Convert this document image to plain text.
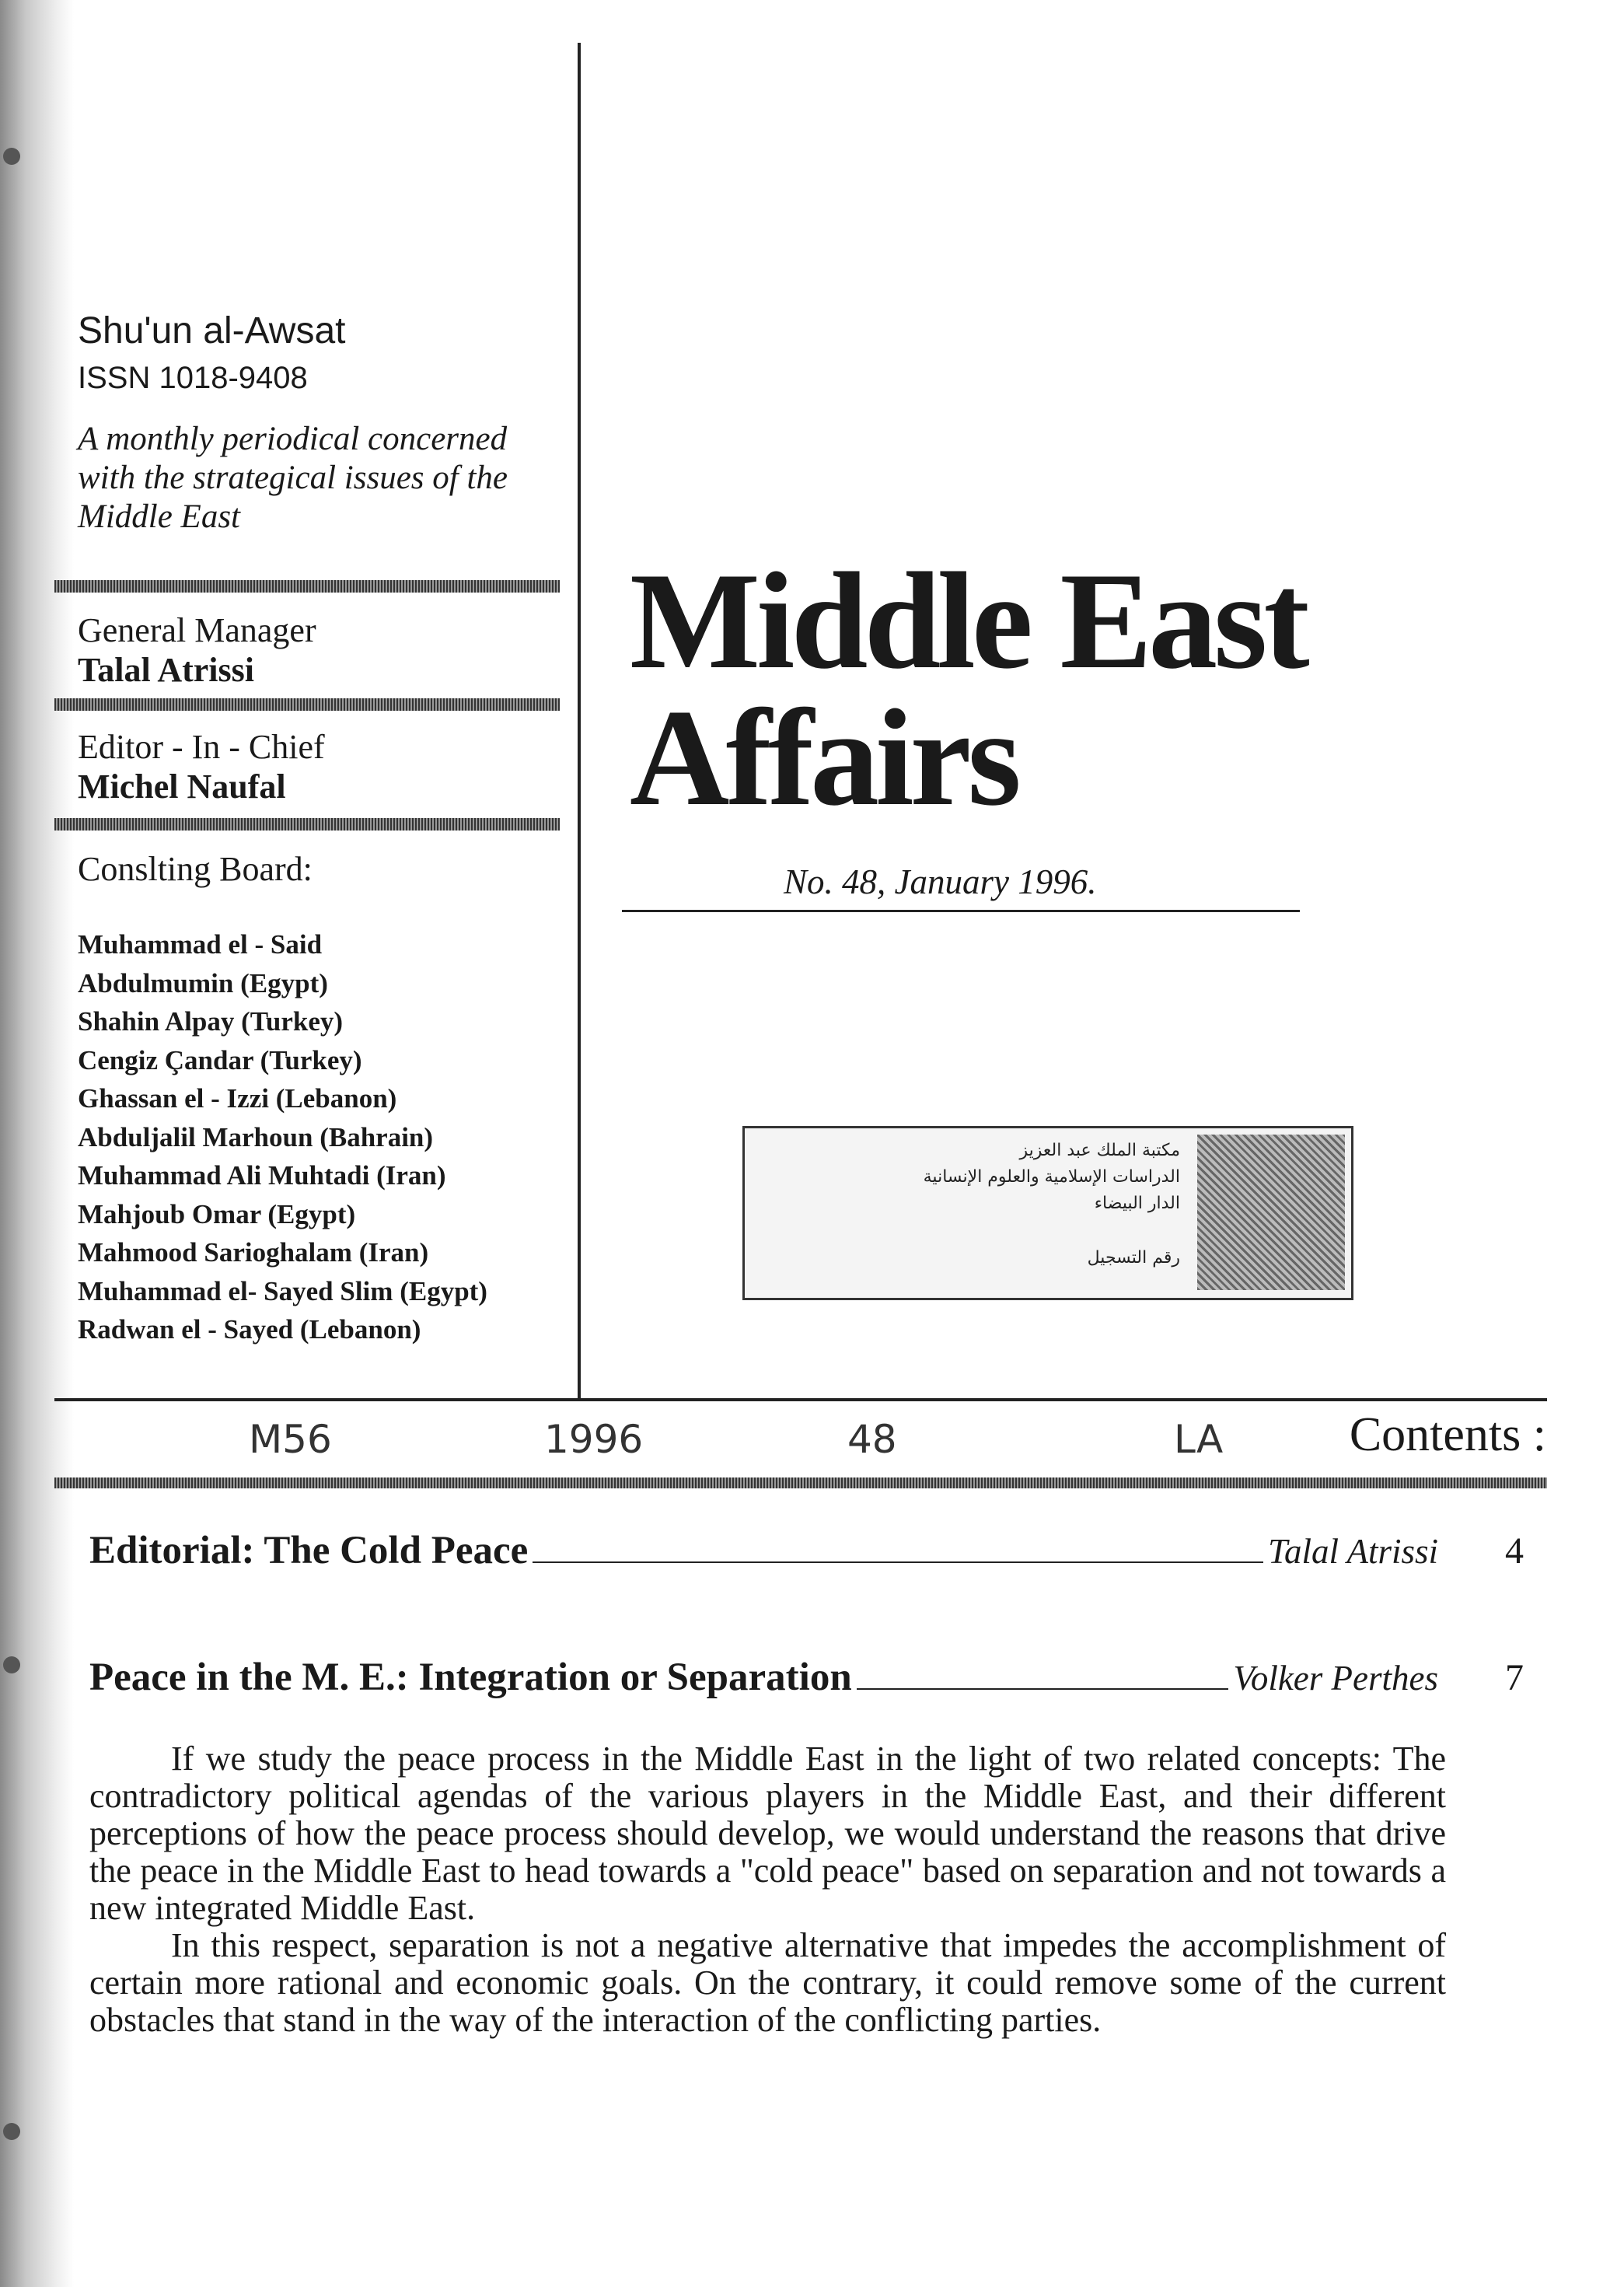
Shu'un al-Awsat
ISSN 1018-9408
A monthly periodical concerned with the strategical issues of the Middle East
General Manager
Talal Atrissi
Editor - In - Chief
Michel Naufal
Conslting Board:
Muhammad el - Said
Abdulmumin (Egypt)
Shahin Alpay (Turkey)
Cengiz Çandar (Turkey)
Ghassan el - Izzi (Lebanon)
Abduljalil Marhoun (Bahrain)
Muhammad Ali Muhtadi (Iran)
Mahjoub Omar (Egypt)
Mahmood Sarioghalam (Iran)
Muhammad el- Sayed Slim (Egypt)
Radwan el - Sayed (Lebanon)
Middle East
Affairs
No. 48, January 1996.
مكتبة الملك عبد العزيز
الدراسات الإسلامية والعلوم الإنسانية
الدار البيضاء
رقم التسجيل
M56	1996	48	LA	Contents :
Editorial: The Cold Peace	Talal Atrissi	4
Peace in the M. E.: Integration or Separation	Volker Perthes	7

If we study the peace process in the Middle East in the light of two related concepts: The contradictory political agendas of the various players in the Middle East, and their different perceptions of how the peace process should develop, we would understand the reasons that drive the peace in the Middle East to head towards a "cold peace" based on separation and not towards a new integrated Middle East.

In this respect, separation is not a negative alternative that impedes the accomplishment of certain more rational and economic goals. On the contrary, it could remove some of the current obstacles that stand in the way of the interaction of the conflicting parties.
